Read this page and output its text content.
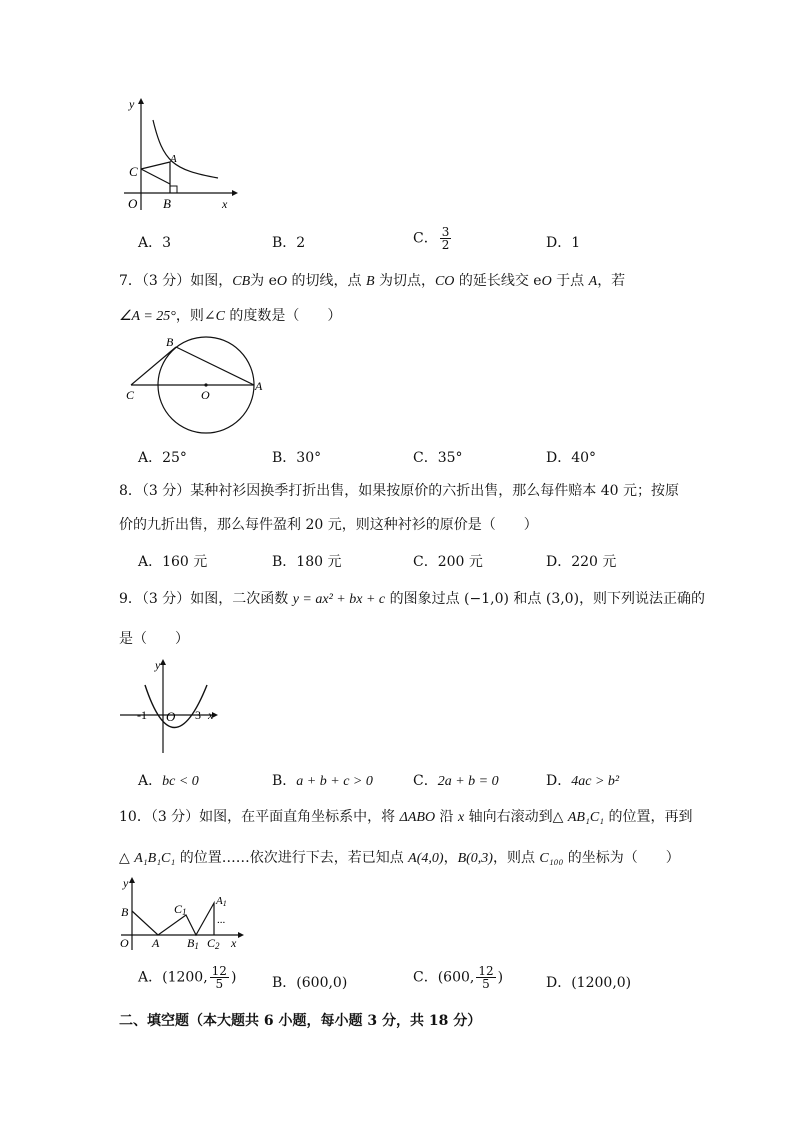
y
x
O
C
A
B
A．3	B．2	C． $\frac{3}{2}$	D．1
7．（3 分）如图，CB为 eO 的切线，点 B 为切点，CO 的延长线交 eO 于点 A，若
∠A = 25°，则∠C 的度数是（　　）
B
C	O
A
A．25°	B．30°	C．35°	D．40°
8．（3 分）某种衬衫因换季打折出售，如果按原价的六折出售，那么每件赔本 40 元；按原
价的九折出售，那么每件盈利 20 元，则这种衬衫的原价是（　　）
A．160 元	B．180 元	C．200 元	D．220 元
9．（3 分）如图，二次函数 y = ax² + bx + c 的图象过点 (−1,0) 和点 (3,0)，则下列说法正确的
是（　　）
y
x
-1 O 3
A．bc < 0	B．a + b + c > 0	C．2a + b = 0	D．4ac > b²
10．（3 分）如图，在平面直角坐标系中，将 ΔABO 沿 x 轴向右滚动到△ AB₁C₁ 的位置，再到
△ A₁B₁C₁ 的位置……依次进行下去，若已知点 A(4,0)，B(0,3)，则点 C₁₀₀ 的坐标为（　　）
y
B	C1
A1
...
O A B1 C2 x
A．(1200, $\frac{12}{5}$ )	B．(600,0)	C．(600, $\frac{12}{5}$ )	D．(1200,0)
二、填空题（本大题共 6 小题，每小题 3 分，共 18 分）
